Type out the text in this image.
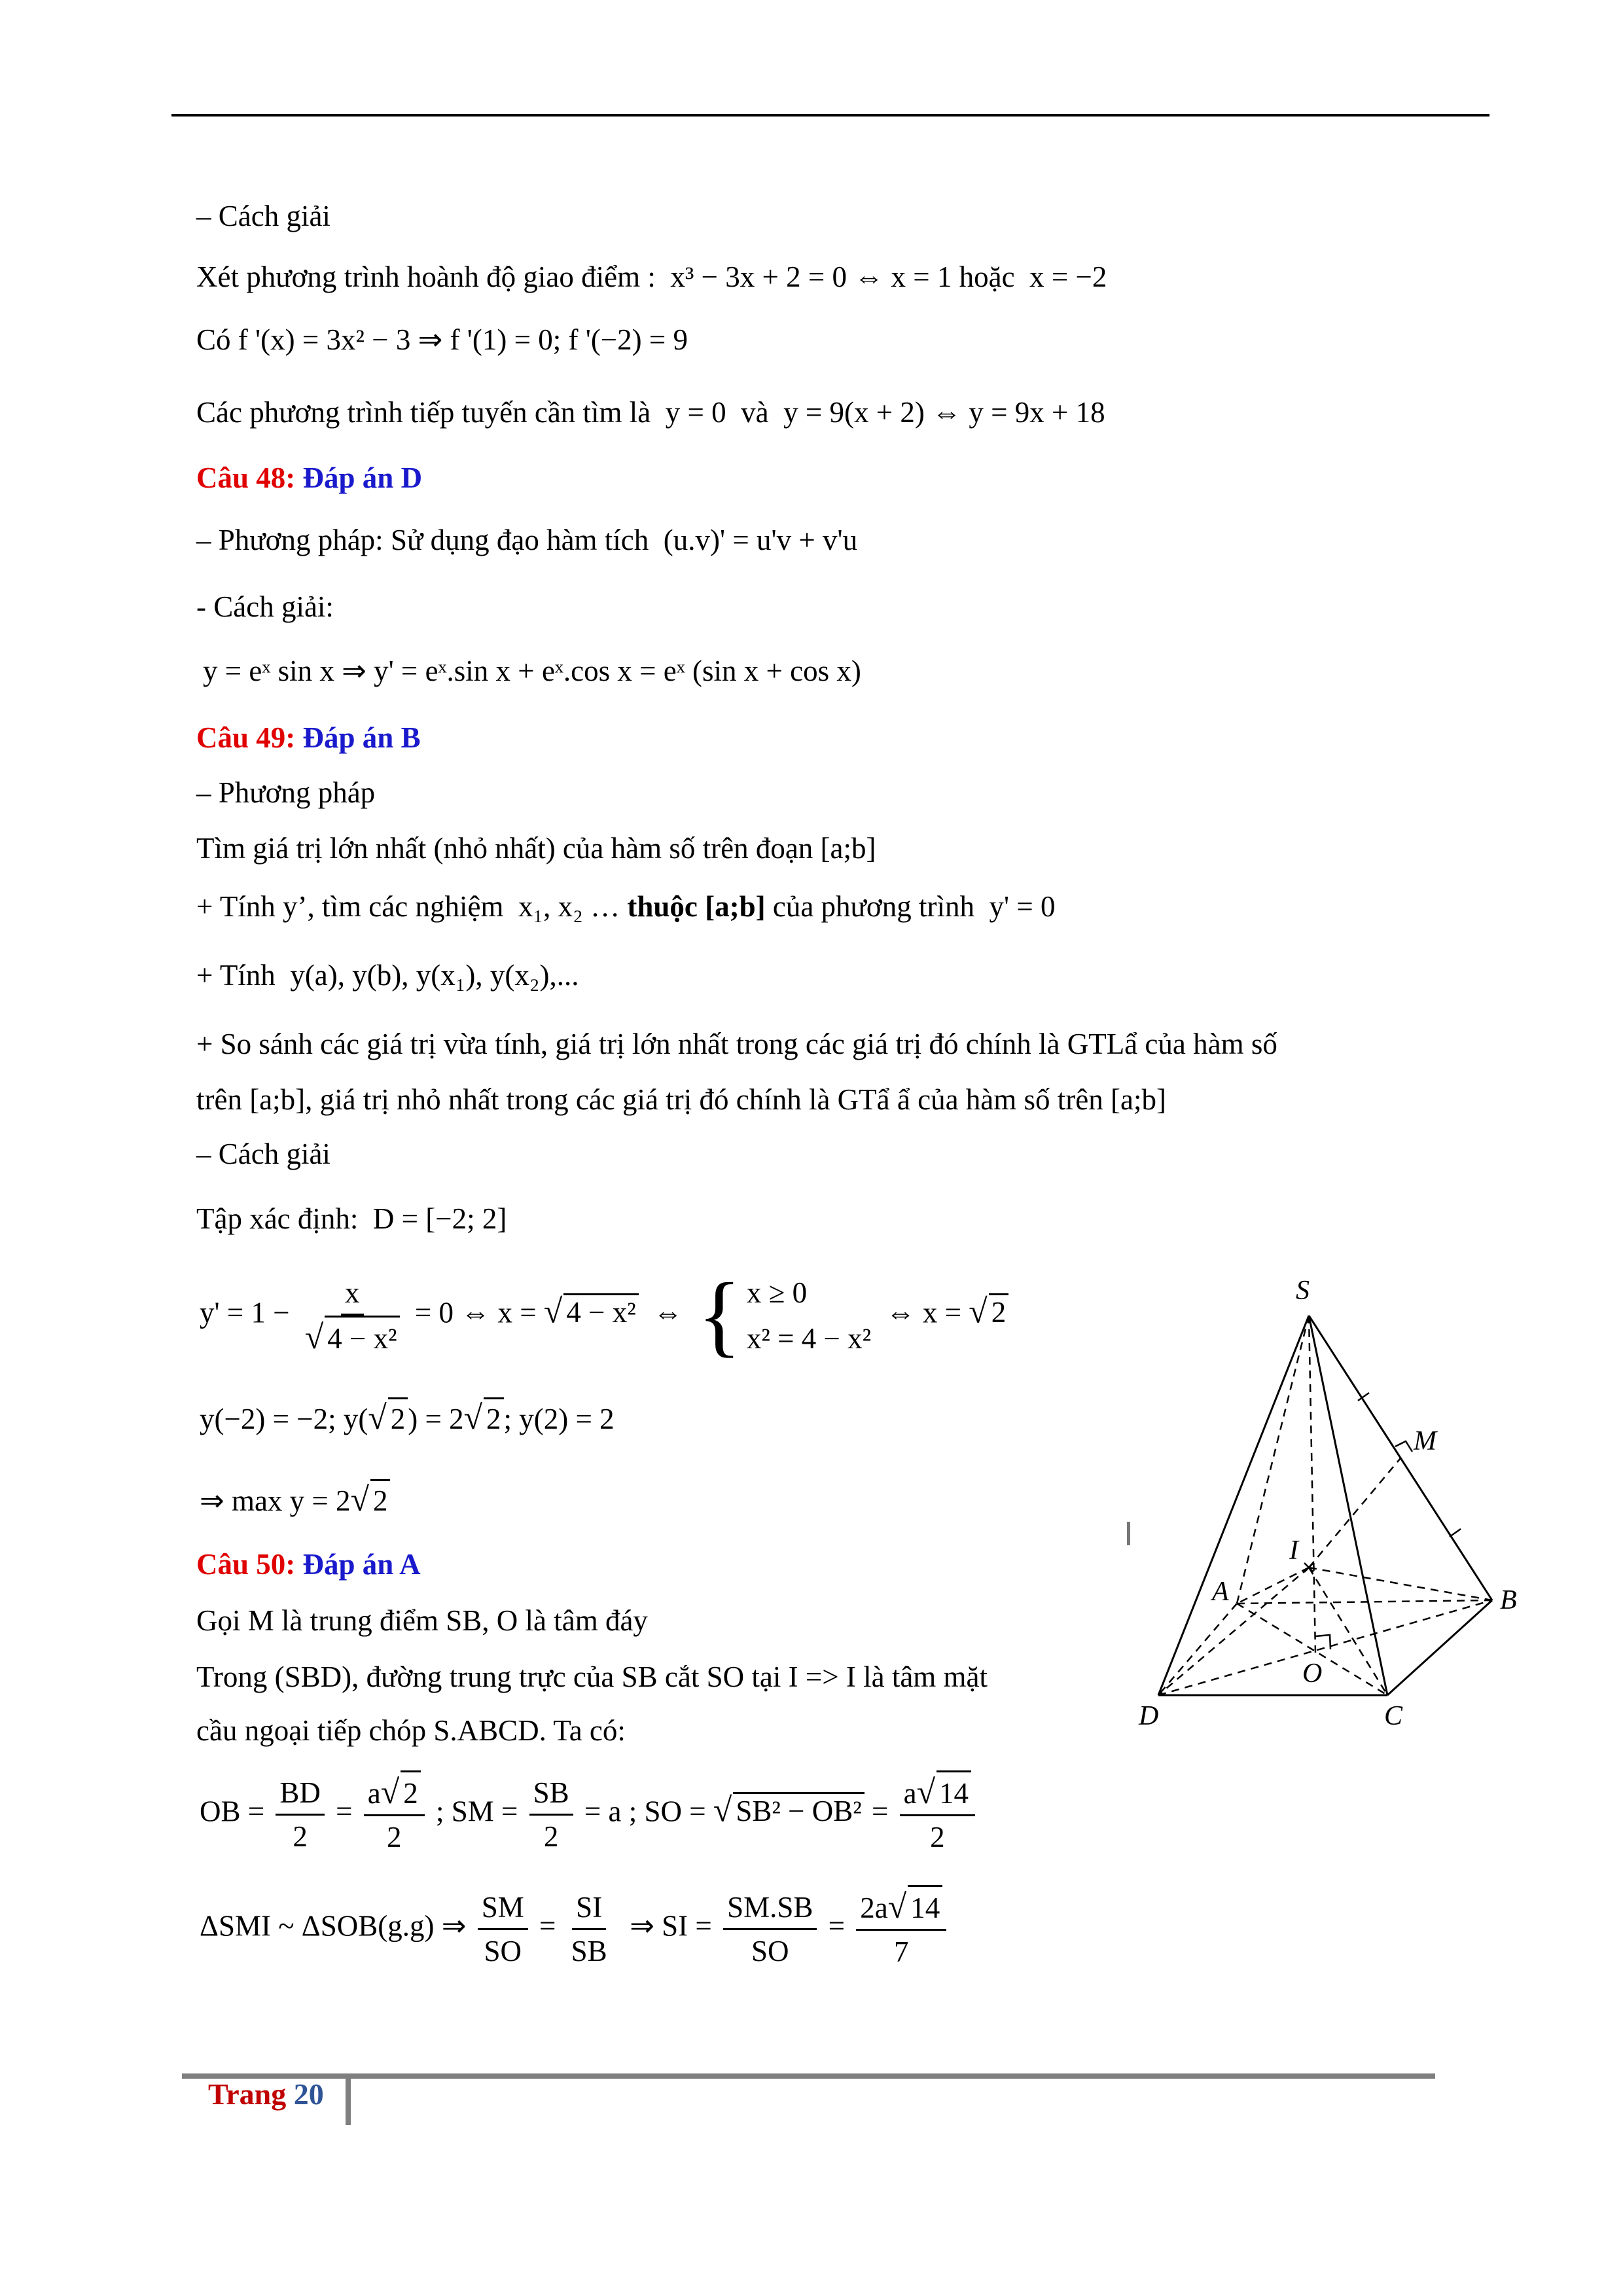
– Cách giải
Xét phương trình hoành độ giao điểm : x³ − 3x + 2 = 0 ⇔ x = 1 hoặc x = −2
Có f '(x) = 3x² − 3 ⇒ f '(1) = 0; f '(−2) = 9
Các phương trình tiếp tuyến cần tìm là y = 0 và y = 9(x + 2) ⇔ y = 9x + 18
Câu 48: Đáp án D
– Phương pháp: Sử dụng đạo hàm tích (u.v)' = u'v + v'u
- Cách giải:
y = eˣ sin x ⇒ y' = eˣ.sin x + eˣ.cos x = eˣ (sin x + cos x)
Câu 49: Đáp án B
– Phương pháp
Tìm giá trị lớn nhất (nhỏ nhất) của hàm số trên đoạn [a;b]
+ Tính y’, tìm các nghiệm x₁, x₂ … thuộc [a;b] của phương trình y' = 0
+ Tính y(a), y(b), y(x₁), y(x₂),...
+ So sánh các giá trị vừa tính, giá trị lớn nhất trong các giá trị đó chính là GTLẩ của hàm số
trên [a;b], giá trị nhỏ nhất trong các giá trị đó chính là GTẩ ẩ của hàm số trên [a;b]
– Cách giải
Tập xác định: D = [−2; 2]
$y' = 1 - \frac{x}{\text{√ 4 − x²}} = 0$ ⇔ x = √ 4 − x²  ⇔ { x ≥ 0
x² = 4 − x²
⇔ x = √ 2
y(−2) = −2; y(√ 2) = 2√ 2; y(2) = 2
⇒ max y = 2√ 2
Câu 50: Đáp án A
Gọi M là trung điểm SB, O là tâm đáy
Trong (SBD), đường trung trực của SB cắt SO tại I => I là tâm mặt
cầu ngoại tiếp chóp S.ABCD. Ta có:
OB = $\frac{BD}{2} = \frac{a√ 2}{2}$ ; SM = $\frac{SB}{2} = a$ ; SO = √ $SB^2 - OB^2 = \frac{a√ 14}{2}$
ΔSMI ~ ΔSOB(g.g) ⇒ $\frac{SM}{SO} = \frac{SI}{SB}$ ⇒ SI = $\frac{SM.SB}{SO} = \frac{2a√ 14}{7}$
S
M
A
I
B
O
D	C
Trang 20
